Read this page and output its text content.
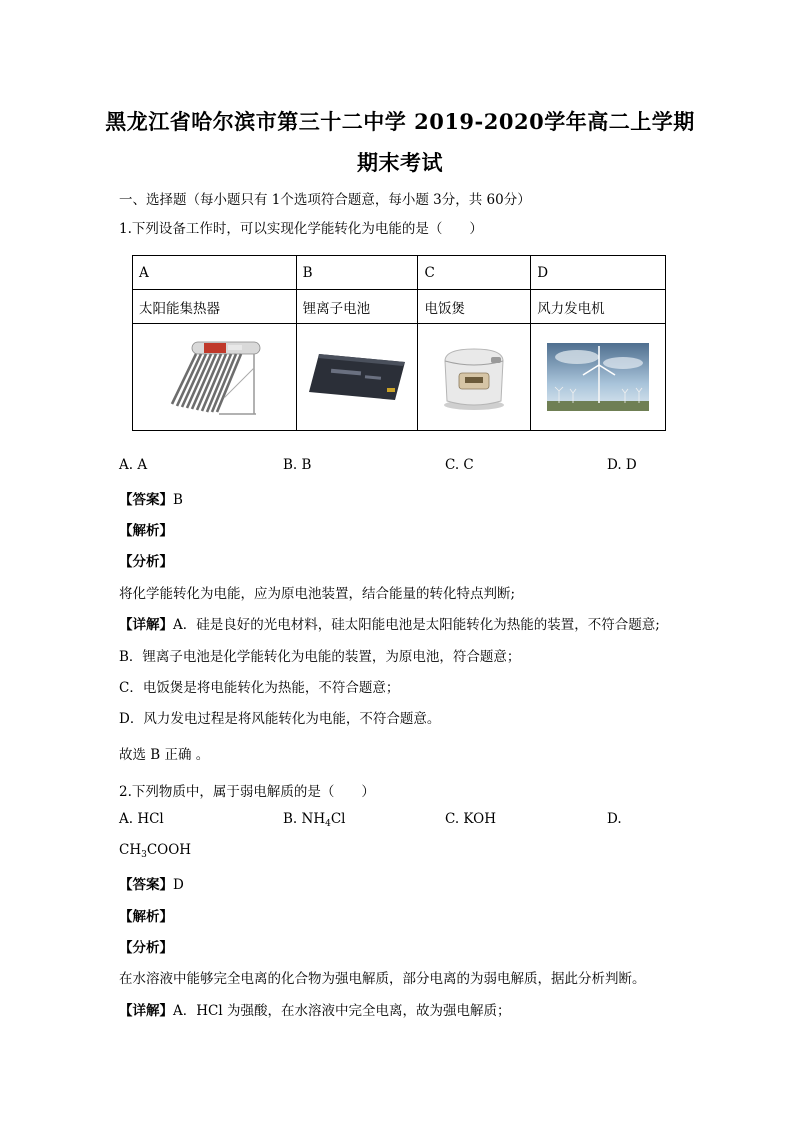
黑龙江省哈尔滨市第三十二中学 2019-2020学年高二上学期
期末考试
一、选择题（每小题只有 1个选项符合题意，每小题 3分，共 60分）
1.下列设备工作时，可以实现化学能转化为电能的是（　　）
A	B	C	D
太阳能集热器	锂离子电池	电饭煲	风力发电机

A. A	B. B	C. C	D. D
【答案】B
【解析】
【分析】
将化学能转化为电能，应为原电池装置，结合能量的转化特点判断;
【详解】A．硅是良好的光电材料，硅太阳能电池是太阳能转化为热能的装置，不符合题意;
B．锂离子电池是化学能转化为电能的装置，为原电池，符合题意；
C．电饭煲是将电能转化为热能，不符合题意；
D．风力发电过程是将风能转化为电能，不符合题意。
故选 B 正确 。
2.下列物质中，属于弱电解质的是（　　）
A. HCl	B. $NH_4Cl$	C. KOH	D.
$CH_3COOH$
【答案】D
【解析】
【分析】
在水溶液中能够完全电离的化合物为强电解质，部分电离的为弱电解质，据此分析判断。
【详解】A．HCl 为强酸，在水溶液中完全电离，故为强电解质；
